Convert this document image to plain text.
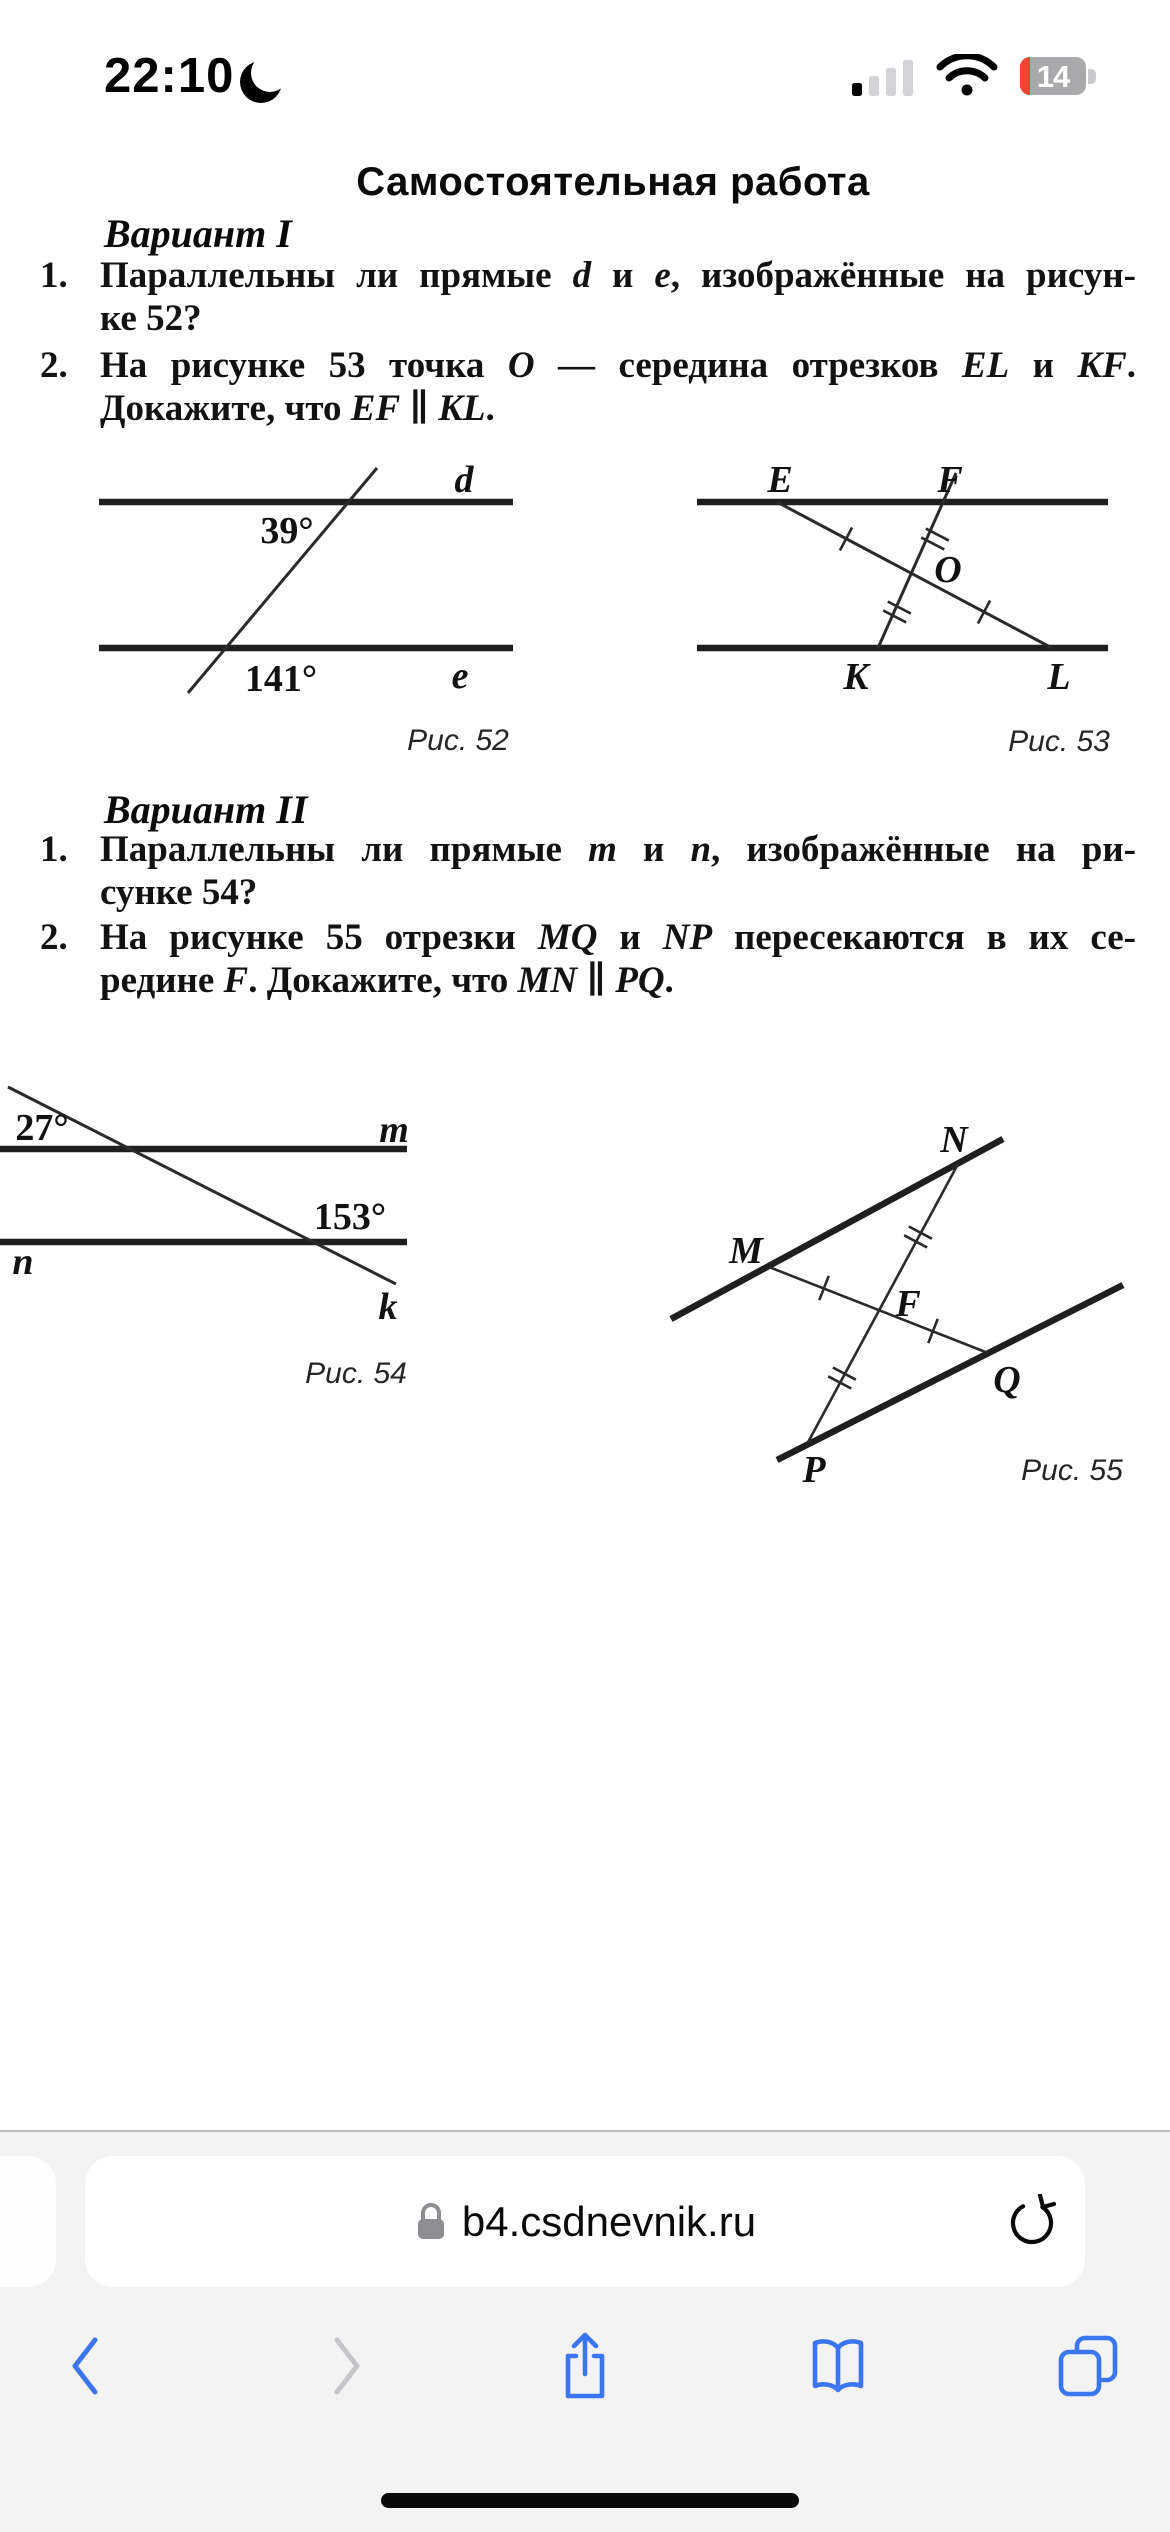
22:10	14
Самостоятельная работа
Вариант I
1. Параллельны ли прямые d и e, изображённые на рисун-
ке 52?
2. На рисунке 53 точка O — середина отрезков EL и KF.
Докажите, что EF ∥ KL.
39°
141°
d
e
Рис. 52
E	F
O
K	L
Рис. 53
Вариант II
1. Параллельны ли прямые m и n, изображённые на ри-
сунке 54?
2. На рисунке 55 отрезки MQ и NP пересекаются в их се-
редине F. Докажите, что MN ∥ PQ.
27°
153°
m
n
k
Рис. 54
M
N
F
Q
P	Рис. 55
b4.csdnevnik.ru
